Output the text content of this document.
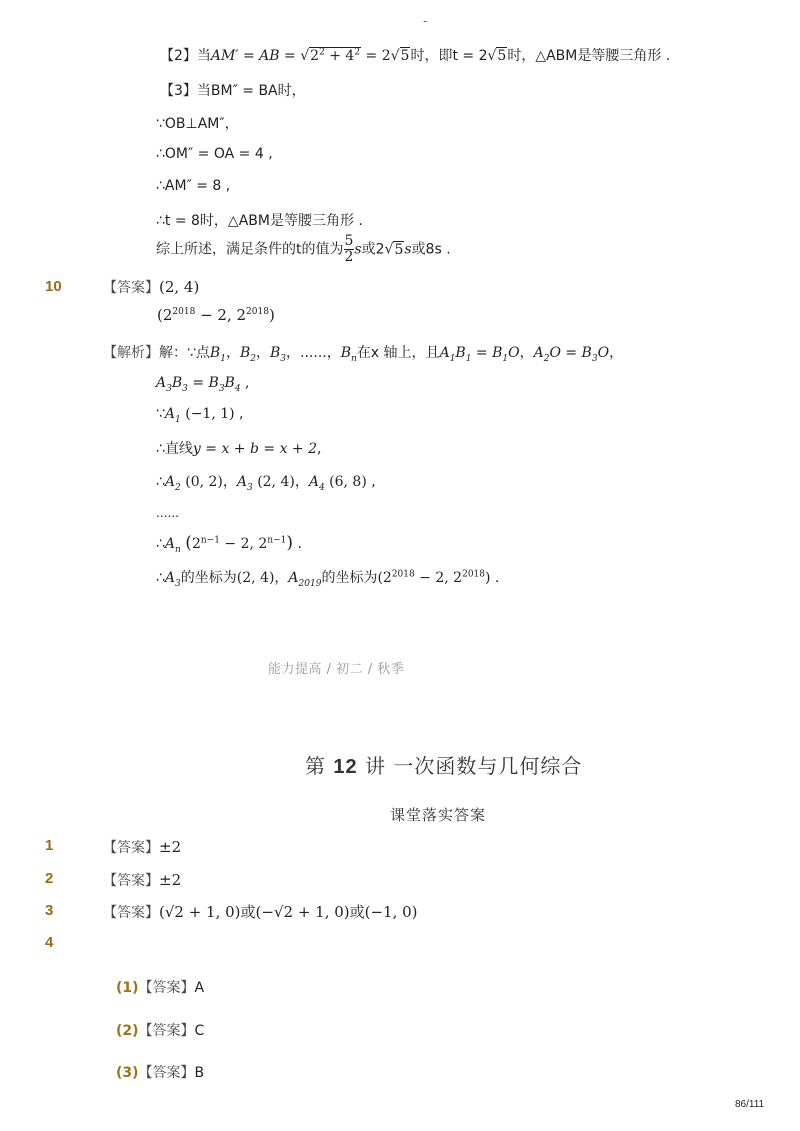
-
【2】当AM′ = AB = $√2^2 + 4^2 = 2√5$时，即t = 2√5时，△ABM是等腰三角形 .
【3】当BM″ = BA时，
∵OB⊥AM″，
∴OM″ = OA = 4 ,
∴AM″ = 8 ,
∴t = 8时，△ABM是等腰三角形 .
综上所述，满足条件的t的值为 $\frac{5}{2}$ s或2√5s或8s .
10	【答案】(2, 4)
($2^{2018} - 2$, $2^{2018}$)
【解析】解：∵点$B_1$，$B_2$，$B_3$，......，$B_n$在x 轴上，且$A_1B_1 = B_1O$，$A_2O = B_3O$，
$A_3B_3 = B_3B_4$ ,
$\because A_1$ (−1, 1) ,
∴直线y = x + b = x + 2,
$\therefore A_2$ (0, 2)，$A_3$ (2, 4)，$A_4$ (6, 8) ,
......
$\therefore A_n$ ($2^{n-1} - 2$, $2^{n-1}$) .
$\therefore A_3$的坐标为(2, 4)，$A_{2019}$的坐标为($2^{2018} - 2$, $2^{2018}$) .
能力提高 / 初二 / 秋季
第 12 讲 一次函数与几何综合
课堂落实答案
1	【答案】±2
2	【答案】±2
3	【答案】(√2 + 1, 0)或(−√2 + 1, 0)或(−1, 0)
4
(1)【答案】A
(2)【答案】C
(3)【答案】B
86/111
